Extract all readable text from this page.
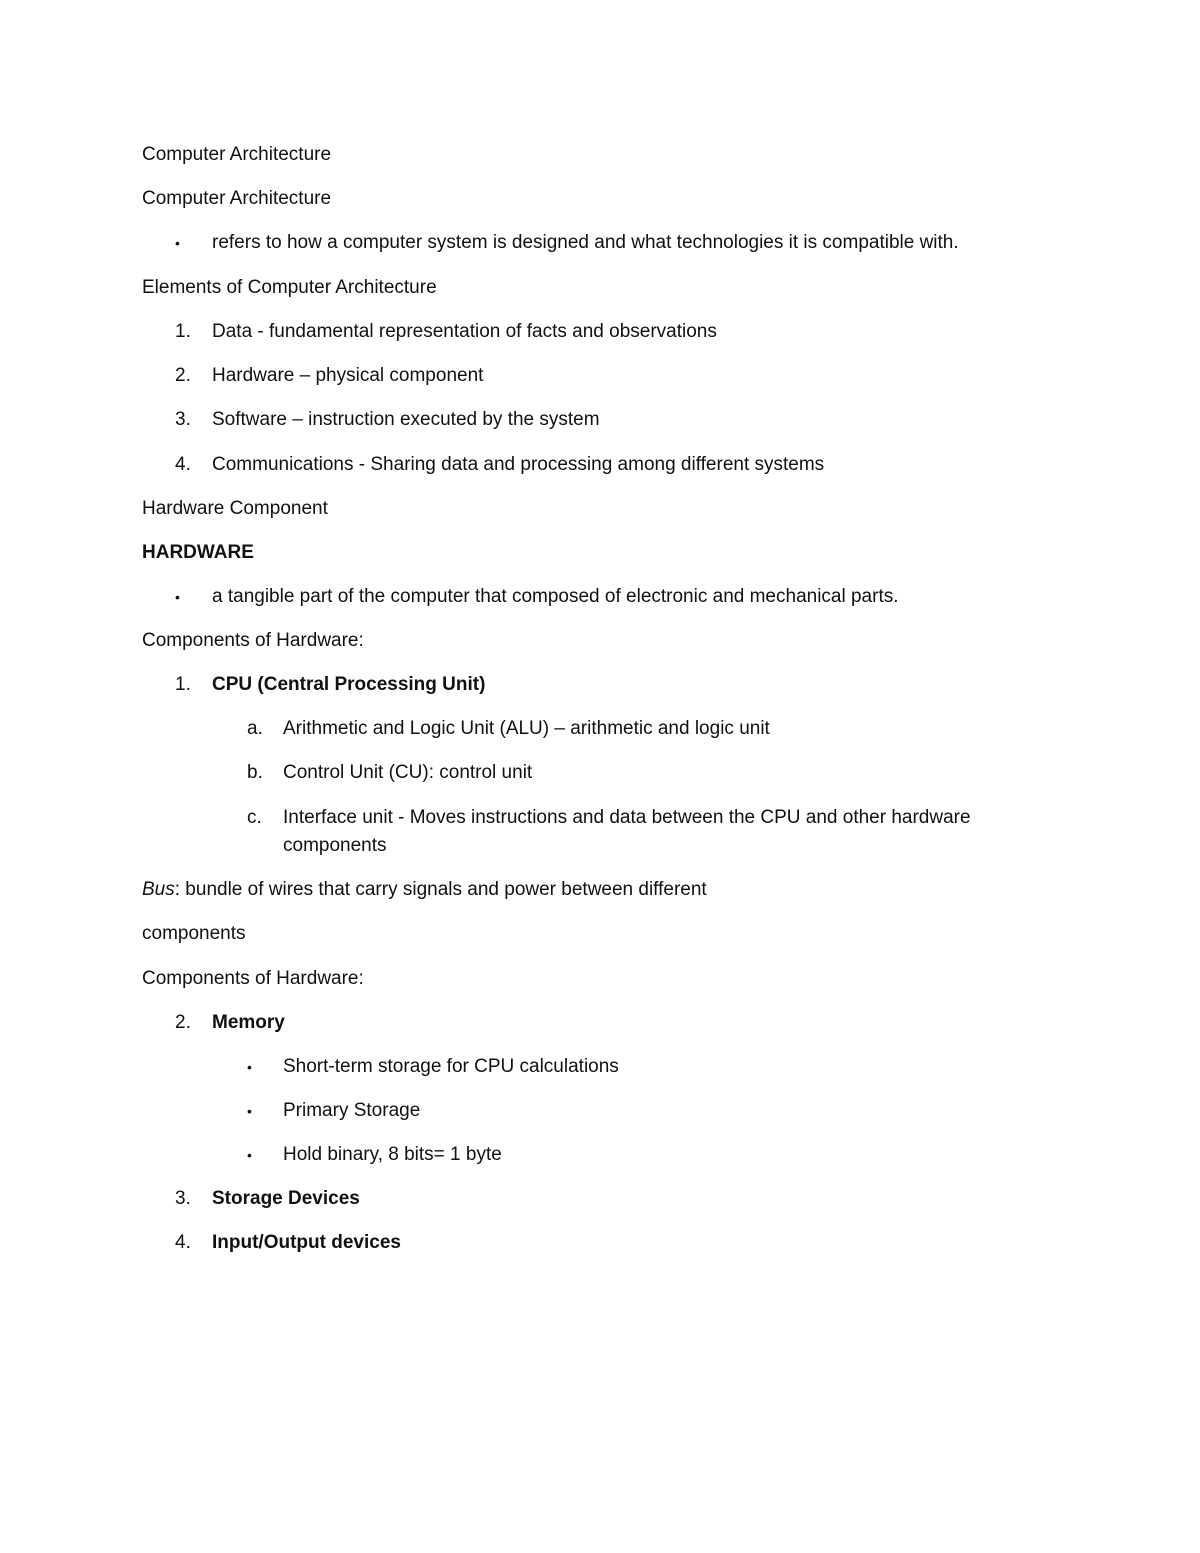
Computer Architecture
Computer Architecture
• refers to how a computer system is designed and what technologies it is compatible with.
Elements of Computer Architecture
1. Data - fundamental representation of facts and observations
2. Hardware – physical component
3. Software – instruction executed by the system
4. Communications - Sharing data and processing among different systems
Hardware Component
HARDWARE
• a tangible part of the computer that composed of electronic and mechanical parts.
Components of Hardware:
1. CPU (Central Processing Unit)
a. Arithmetic and Logic Unit (ALU) – arithmetic and logic unit
b. Control Unit (CU): control unit
c. Interface unit - Moves instructions and data between the CPU and other hardware
components
Bus: bundle of wires that carry signals and power between different
components
Components of Hardware:
2. Memory
• Short-term storage for CPU calculations
• Primary Storage
• Hold binary, 8 bits= 1 byte
3. Storage Devices
4. Input/Output devices
